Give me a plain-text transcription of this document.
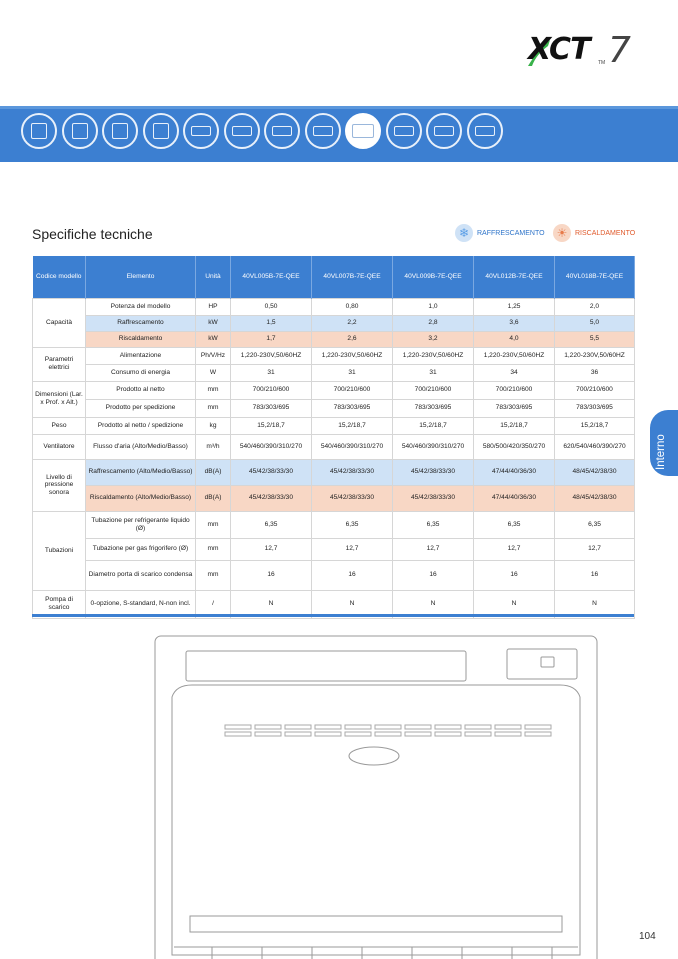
XCT TM 7
Interno
Specifiche tecniche	❄	RAFFRESCAMENTO	☀	RISCALDAMENTO
Codice modello	Elemento	Unità	40VL005B-7E-QEE	40VL007B-7E-QEE	40VL009B-7E-QEE	40VL012B-7E-QEE	40VL018B-7E-QEE
Capacità	Potenza del modello	HP	0,50	0,80	1,0	1,25	2,0
	Raffrescamento	kW	1,5	2,2	2,8	3,6	5,0
	Riscaldamento	kW	1,7	2,6	3,2	4,0	5,5
Parametri elettrici	Alimentazione	Ph/V/Hz	1,220-230V,50/60HZ	1,220-230V,50/60HZ	1,220-230V,50/60HZ	1,220-230V,50/60HZ	1,220-230V,50/60HZ
	Consumo di energia	W	31	31	31	34	36
Dimensioni (Lar. x Prof. x Alt.)	Prodotto al netto	mm	700/210/600	700/210/600	700/210/600	700/210/600	700/210/600
	Prodotto per spedizione	mm	783/303/695	783/303/695	783/303/695	783/303/695	783/303/695
Peso	Prodotto al netto / spedizione	kg	15,2/18,7	15,2/18,7	15,2/18,7	15,2/18,7	15,2/18,7
Ventilatore	Flusso d'aria (Alto/Medio/Basso)	m³/h	540/460/390/310/270	540/460/390/310/270	540/460/390/310/270	580/500/420/350/270	620/540/460/390/270
Livello di pressione sonora	Raffrescamento (Alto/Medio/Basso)	dB(A)	45/42/38/33/30	45/42/38/33/30	45/42/38/33/30	47/44/40/36/30	48/45/42/38/30
	Riscaldamento (Alto/Medio/Basso)	dB(A)	45/42/38/33/30	45/42/38/33/30	45/42/38/33/30	47/44/40/36/30	48/45/42/38/30
Tubazioni	Tubazione per refrigerante liquido (Ø)	mm	6,35	6,35	6,35	6,35	6,35
	Tubazione per gas frigorifero (Ø)	mm	12,7	12,7	12,7	12,7	12,7
	Diametro porta di scarico condensa	mm	16	16	16	16	16
Pompa di scarico	0-opzione, S-standard, N-non incl.	/	N	N	N	N	N
104
